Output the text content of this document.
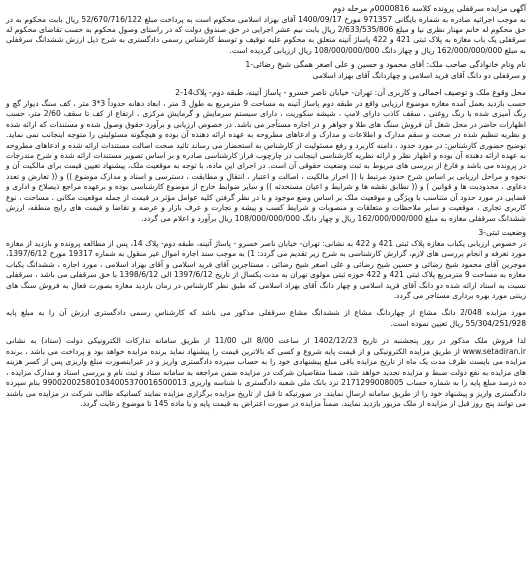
آگهی مزایده سرقفلی پرونده کلاسه 0000816م مرحله دوم

به موجب اجرائیه صادره به شماره بایگانی 971357 مورخ 1400/09/17 آقای بهزاد اسلامی محکوم است به پرداخت مبلغ 52/670/716/122 ریال بابت محکوم به در حق محکوم له خانم مهناز نظری نیا و مبلغ 2/633/535/806 ریال بابت نیم عشر اجرایی در حق صندوق دولت که در راستای وصول محکوم به حسب تقاضای محکوم له سرقفلی یک باب مغازه به پلاک ثبتی 421 و 422 پاساژ آتینه متعلق به محکوم علیه توقیف و توسط کارشناس رسمی دادگستری به شرح ذیل ارزش ششدانگ سرقفلی به مبلغ 162/000/000/000 ریال و چهار دانگ 108/000/000/000 ریال ارزیابی گردیده است.

نام ونام خانوادگی صاحب ملک: آقای محمود و حسین و علی اصغر همگی شیخ رضائی-1

و سرقفلی دو دانگ آقای فرید اسلامی و چهاردانگ آقای بهزاد اسلامی

محل وقوع ملک و توصیف اجمالی و کاربری آن: تهران- خیابان ناصر خسرو - پاساژ آتینه، طبقه دوم- پلاک14-2

حسب بازدید بعمل آمده مغازه موضوع ارزیابی واقع در طبقه دوم پاساژ آتینه به مساحت 9 مترمربع به طول 3 متر ، ابعاد دهانه حدوداً 3*3 متر ، کف سنگ دیوار گچ و رنگ آمیزی شده با رنگ روغنی ، سقف کاذب دارای لامپ ، شیشه سکوریت ، دارای سیستم سرمایش و گرمایش مرکزی ، ارتفاع از کف تا سقف 2/60 متر، حسب اظهارات حاضر در محل شغل آن فروش سنگ های طلا و جواهر و در اجاره مستأجر می باشد. در خصوص ارزیابی و برآورد حقوق وصول شده و مستندات که ارائه شده و نظریه تنظیم شده در صحت و سقم مدارک و اطلاعات و مدارک و ادعاهای مطروحه به عهده ارائه دهنده آن بوده و هیچگونه مسئولیتی را متوجه اینجانب نمی نماید. توضیح حضوری کارشناس: در مورد حدود ، دامنه کاربرد و رفع مسئولیت از کارشناس به استحضار می رساند تائید صحت اصالت مستندات ارائه شده و ادعاهای مطروحه به عهده ارائه دهنده آن بوده و اظهار نظر و ارائه نظریه کارشناسی اینجانب در چارچوب قرار کارشناسی صادره و بر اساس تصویر مستندات ارائه شده و شرح مندرجات در پرونده می باشد و فارغ از بررسی های مربوط به ثبت وضعیت حقوقی آن است. در اجرای این ماده، با توجه به موقعیت ملک، پیشنهاد تعیین قیمت برای مالکیت آن و نحوه و مراحل ارزیابی بر اساس شرح حدود مرتبط با (( احراز مالکیت ، اصالت و اعتبار ، انتقال و مطابقت ، دسترسی و اسناد و مدارک موضوع )) و (( تعارض و تعدد دعاوی ، محدودیت ها و قوانین ) و (( تطابق نقشه ها و شرایط و اعیان مستحدثه )) و سایر ضوابط خارج از موضوع کارشناسی بوده و برعهده مراجع ذیصلاح و اداری و قضایی در مورد حدود آن متناسب با ویژگی و موقعیت ملک بر اساس وضع موجود و با در نظر گرفتن کلیه عوامل مؤثر در قیمت از جمله موقعیت مکانی ، مساحت ، نوع کاربری تجاری ، موقعیت و سایر ملاحظات و متعلقات و منصوبات و شرایط کسب و پیشه و تجارت و عرف بازار و عرضه و تقاضا و قیمت های رایج منطقه، ارزش ششدانگ سرقفلی مغازه به مبلغ 162/000/000/000 ریال و چهار دانگ 108/000/000/000 ریال برآورد و اعلام می گردد.

وضعیت ثبتی-3

در خصوص ارزیابی یکباب مغازه پلاک ثبتی 421 و 422 به نشانی: تهران- خیابان ناصر خسرو - پاساژ آتینه، طبقه دوم- پلاک 14، پس از مطالعه پرونده و بازدید از مغازه مورد تعرفه و انجام بررسی های لازم، گزارش کارشناسی به شرح زیر تقدیم می گردد: 1) به موجب سند اجاره اموال غیر منقول به شماره 19317 مورخ 1397/6/12، موجرین آقای محمود شیخ رضائی و حسین شیخ رضائی و علی اصغر شیخ رضائی ، مستاجرین آقای فرید اسلامی و آقای بهزاد اسلامی ، مورد اجاره ، ششدانگ یکباب مغازه به مساحت 9 مترمربع پلاک ثبتی 421 و 422 حوزه ثبتی مولوی تهران به مدت یکسال از تاریخ 1397/6/12 الی 1398/6/12 با حق سرقفلی می باشد ، سرقفلی نسبت به اسناد ارائه شده دو دانگ آقای فرید اسلامی و چهار دانگ آقای بهزاد اسلامی که طبق نظر کارشناس در زمان بازدید مغازه بصورت فعال به فروش سنگ های زینتی مورد بهره برداری مستاجر می گردد.

مورد مزایده 2/048 دانگ مشاع از چهاردانگ مشاع از ششدانگ مشاع سرقفلی مذکور می باشد که کارشناس رسمی دادگستری ارزش آن را به مبلغ پایه 55/304/251/928 ریال تعیین نموده است.

لذا فروش ملک مذکور در روز پنجشنبه در تاریخ 1402/12/23 از ساعت 8/00 الی 11/00 از طریق سامانه تدارکات الکترونیکی دولت (ستاد) به نشانی www.setadiran.ir از طریق مزایده الکترونیکی و از قیمت پایه شروع و کسی که بالاترین قیمت را پیشنهاد نماید برنده مزایده خواهد بود و پرداخت می باشد ، برنده مزایده می بایست ظرف مدت یک ماه از تاریخ مزایده باقی مبلغ پیشنهادی خود را به حساب سپرده دادگستری واریز و در غیراینصورت مبلغ واریزی پس از کسر هزینه های مزایده به نفع دولت ضبط و مزایده تجدید خواهد شد، ضمنا متقاضیان شرکت در مزایده ضمن مراجعه به سامانه ستاد و ثبت نام و بررسی اسناد و مدارک مزایده ، ده درصد مبلغ پایه را به شماره حساب 2171299008005 نزد بانک ملی شعبه دادگستری با شناسه واریزی 990020025801034005370016500013 بنام سپرده دادگستری واریز و پیشنهاد خود را از طریق سامانه ارسال نمایند. در صورتیکه تا قبل از تاریخ مزایده برگزاری مزایده نمایند کسانیکه طالب شرکت در مزایده می باشند می توانند پنج روز قبل از مزایده از ملک مزبور بازدید نمایند. ضمناً مزایده در صورت اعتراض به قیمت پایه و یا ماده 145 تا موضوع رعایت گردد.
